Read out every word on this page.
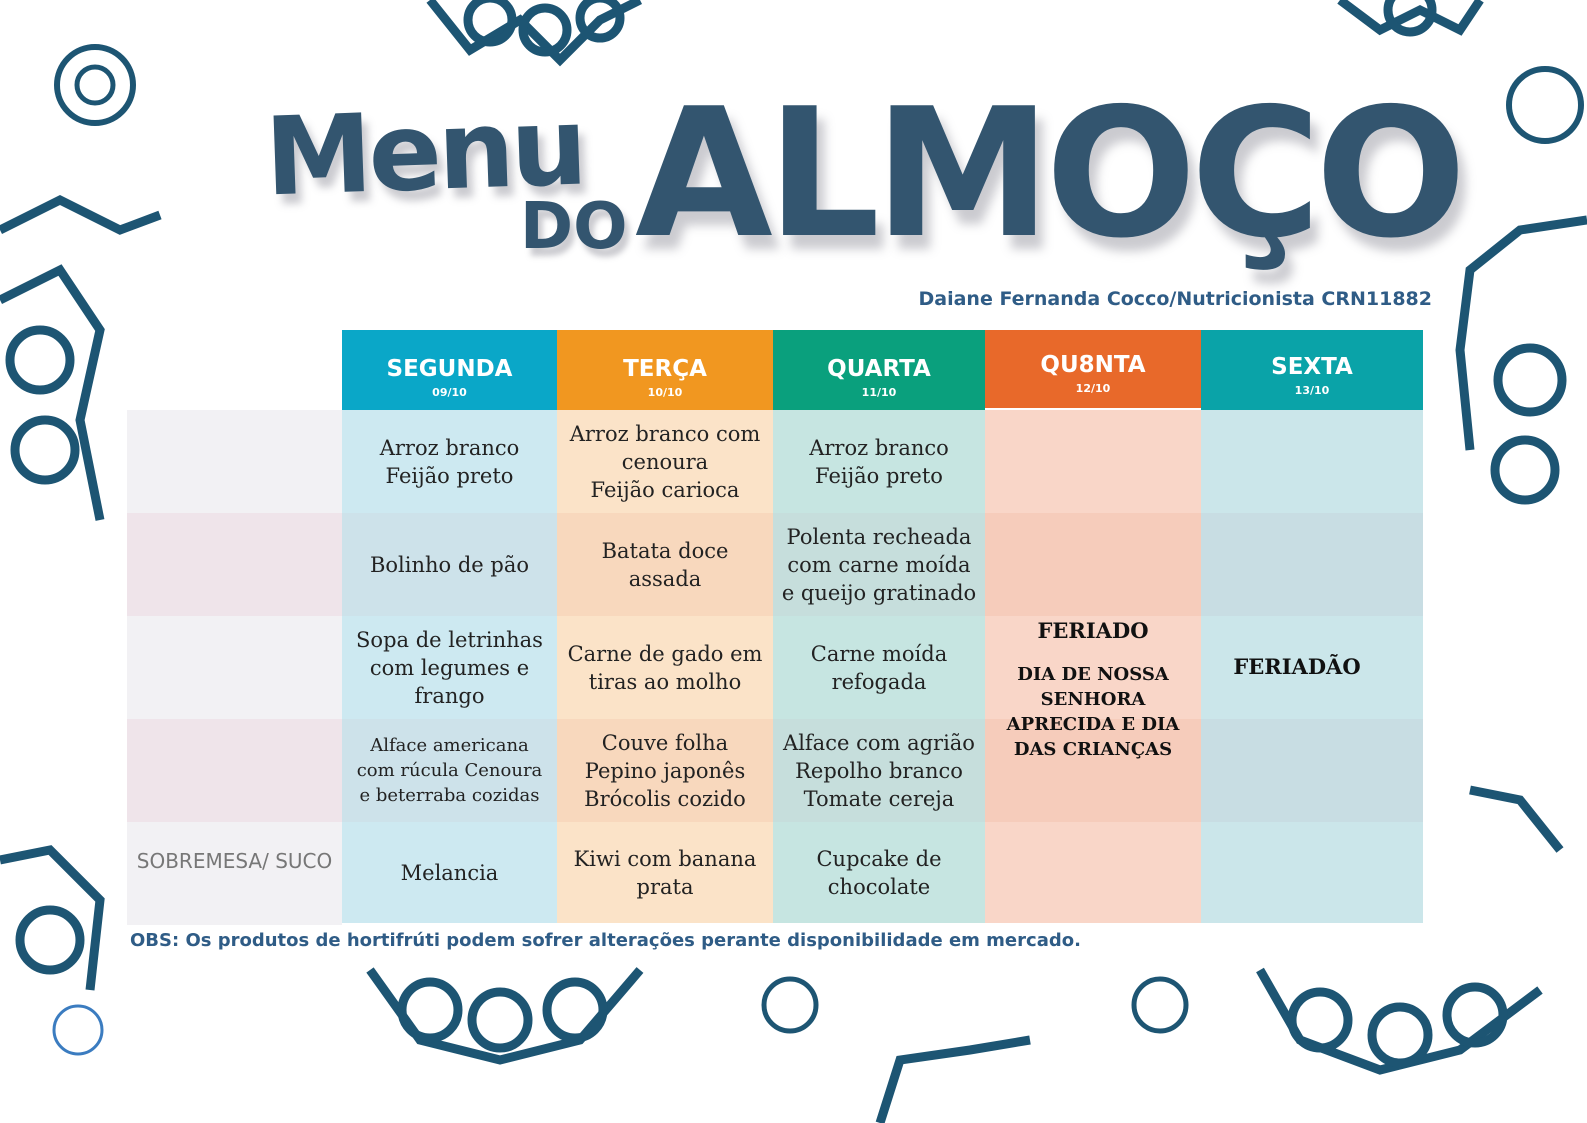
Menu
DO ALMOÇO
Daiane Fernanda Cocco/Nutricionista CRN11882
SOBREMESA/ SUCO
SEGUNDA
09/10
Arroz branco
Feijão preto
Bolinho de pão
Sopa de letrinhas com legumes e frango
Alface americana com rúcula Cenoura e beterraba cozidas
Melancia
TERÇA
10/10
Arroz branco com cenoura
Feijão carioca
Batata doce assada
Carne de gado em tiras ao molho
Couve folha
Pepino japonês
Brócolis cozido
Kiwi com banana prata
QUARTA
11/10
Arroz branco
Feijão preto
Polenta recheada com carne moída e queijo gratinado
Carne moída refogada
Alface com agrião
Repolho branco
Tomate cereja
Cupcake de chocolate
QU8NTA
12/10
FERIADO
DIA DE NOSSA SENHORA APRECIDA E DIA DAS CRIANÇAS
SEXTA
13/10
FERIADÃO
OBS: Os produtos de hortifrúti podem sofrer alterações perante disponibilidade em mercado.
